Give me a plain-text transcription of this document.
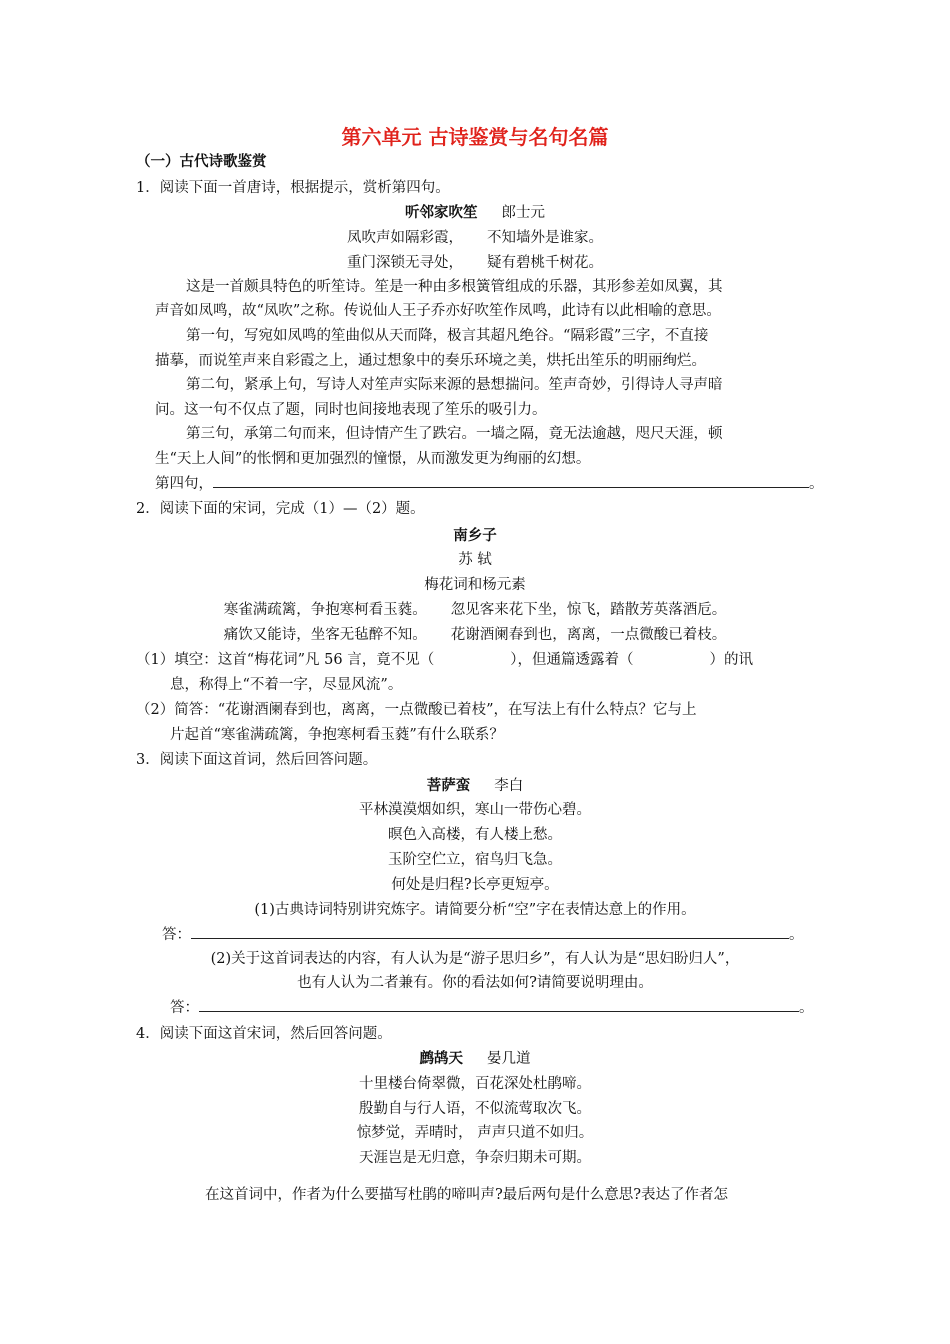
第六单元 古诗鉴赏与名句名篇
（一）古代诗歌鉴赏
1．阅读下面一首唐诗，根据提示，赏析第四句。
听邻家吹笙 郎士元
凤吹声如隔彩霞， 不知墙外是谁家。
重门深锁无寻处， 疑有碧桃千树花。
这是一首颇具特色的听笙诗。笙是一种由多根簧管组成的乐器，其形参差如凤翼，其
声音如凤鸣，故“凤吹”之称。传说仙人王子乔亦好吹笙作凤鸣，此诗有以此相喻的意思。
第一句，写宛如凤鸣的笙曲似从天而降，极言其超凡绝谷。“隔彩霞”三字，不直接
描摹，而说笙声来自彩霞之上，通过想象中的奏乐环境之美，烘托出笙乐的明丽绚烂。
第二句，紧承上句，写诗人对笙声实际来源的悬想揣问。笙声奇妙，引得诗人寻声暗
问。这一句不仅点了题，同时也间接地表现了笙乐的吸引力。
第三句，承第二句而来，但诗情产生了跌宕。一墙之隔，竟无法逾越，咫尺天涯，顿
生“天上人间”的怅惘和更加强烈的憧憬，从而激发更为绚丽的幻想。
第四句，	。
2．阅读下面的宋词，完成（1）—（2）题。
南乡子
苏 轼
梅花词和杨元素
寒雀满疏篱，争抱寒柯看玉蕤。 忽见客来花下坐，惊飞，踏散芳英落酒卮。
痛饮又能诗，坐客无毡醉不知。 花谢酒阑春到也，离离，一点微酸已着枝。
（1）填空：这首“梅花词”凡 56 言，竟不见（	），但通篇透露着（	）的讯
息，称得上“不着一字，尽显风流”。
（2）简答：“花谢酒阑春到也，离离，一点微酸已着枝”，在写法上有什么特点？它与上
片起首“寒雀满疏篱，争抱寒柯看玉蕤”有什么联系？
3．阅读下面这首词，然后回答问题。
菩萨蛮 李白
平林漠漠烟如织，寒山一带伤心碧。
暝色入高楼，有人楼上愁。
玉阶空伫立，宿鸟归飞急。
何处是归程?长亭更短亭。
(1)古典诗词特别讲究炼字。请简要分析“空”字在表情达意上的作用。
答：	。
(2)关于这首词表达的内容，有人认为是“游子思归乡”，有人认为是“思妇盼归人”，
也有人认为二者兼有。你的看法如何?请简要说明理由。
答：	。
4．阅读下面这首宋词，然后回答问题。
鹧鸪天 晏几道
十里楼台倚翠微，百花深处杜鹃啼。
殷勤自与行人语，不似流莺取次飞。
惊梦觉，弄晴时， 声声只道不如归。
天涯岂是无归意，争奈归期未可期。
在这首词中，作者为什么要描写杜鹃的啼叫声?最后两句是什么意思?表达了作者怎
